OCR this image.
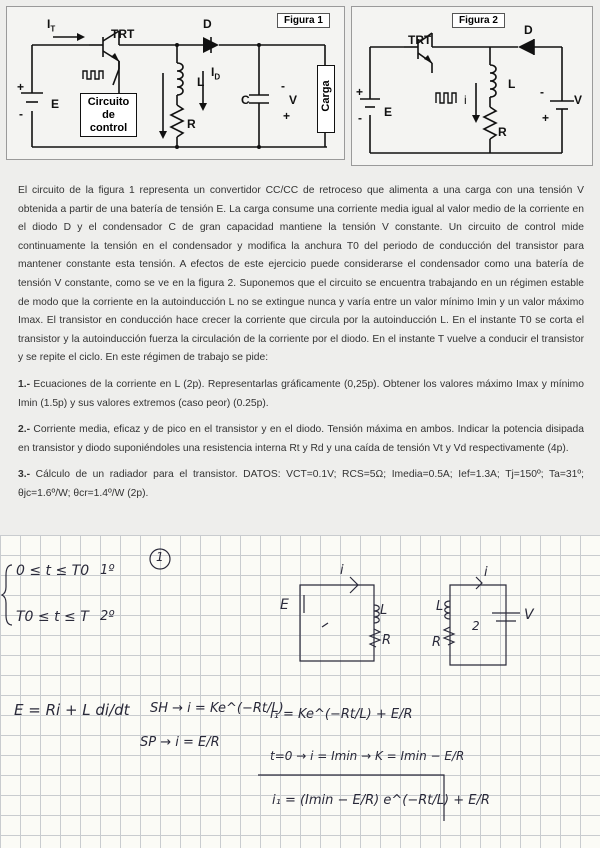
Figura 1
$I_T$	TRT
D
$I_D$
+
-
E
L
R
C
-
V
+
Circuito
de
control
Carga
Figura 2
TRT
D
+
- E
L
R
i
-
V
+

El circuito de la figura 1 representa un convertidor CC/CC de retroceso que alimenta a una carga con una tensión V obtenida a partir de una batería de tensión E. La carga consume una corriente media igual al valor medio de la corriente en el diodo D y el condensador C de gran capacidad mantiene la tensión V constante. Un circuito de control mide continuamente la tensión en el condensador y modifica la anchura T0 del periodo de conducción del transistor para mantener constante esta tensión. A efectos de este ejercicio puede considerarse el condensador como una batería de tensión V constante, como se ve en la figura 2. Suponemos que el circuito se encuentra trabajando en un régimen estable de modo que la corriente en la autoinducción L no se extingue nunca y varía entre un valor mínimo Imin y un valor máximo Imax. El transistor en conducción hace crecer la corriente que circula por la autoinducción L. En el instante T0 se corta el transistor y la autoinducción fuerza la circulación de la corriente por el diodo. En el instante T vuelve a conducir el transistor y se repite el ciclo. En este régimen de trabajo se pide:

1.- Ecuaciones de la corriente en L (2p). Representarlas gráficamente (0,25p). Obtener los valores máximo Imax y mínimo Imin (1.5p) y sus valores extremos (caso peor) (0.25p).

2.- Corriente media, eficaz y de pico en el transistor y en el diodo. Tensión máxima en ambos. Indicar la potencia disipada en transistor y diodo suponiéndoles una resistencia interna Rt y Rd y una caída de tensión Vt y Vd respectivamente (4p).

3.- Cálculo de un radiador para el transistor. DATOS: VCT=0.1V; RCS=5Ω; Imedia=0.5A; Ief=1.3A; Tj=150º; Ta=31º; θjc=1.6º/W; θcr=1.4º/W (2p).

0 ≤ t ≤ T0 1º
T0 ≤ t ≤ T 2º
1
E	L
R
i	i
L
R
2
V
E = Ri + L di/dt SH → i = Ke^(−Rt/L)
SP → i = E/R
i₁ = Ke^(−Rt/L) + E/R
t=0 → i = Imin → K = Imin − E/R
i₁ = (Imin − E/R) e^(−Rt/L) + E/R
